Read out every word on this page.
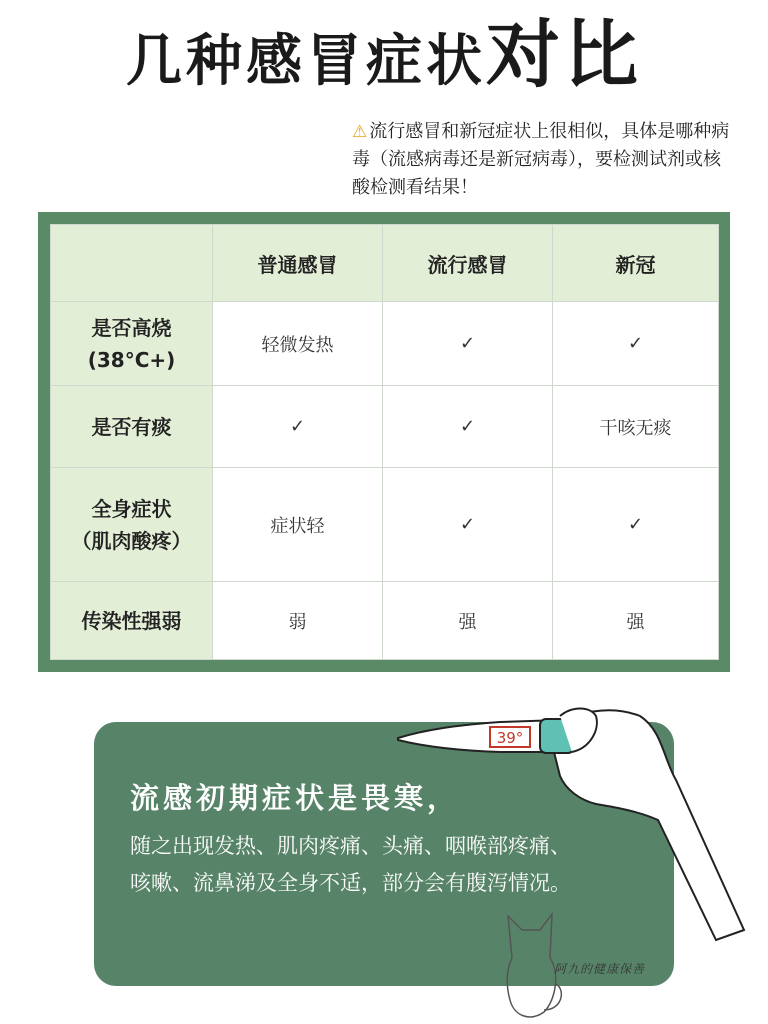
几种感冒症状对比
⚠ 流行感冒和新冠症状上很相似，具体是哪种病毒（流感病毒还是新冠病毒），要检测试剂或核酸检测看结果！
	普通感冒	流行感冒	新冠

是否高烧
(38°C+)	轻微发热	✓	✓

是否有痰	✓	✓	干咳无痰

全身症状
（肌肉酸疼）	症状轻	✓	✓

传染性强弱	弱	强	强
39°
流感初期症状是畏寒，
随之出现发热、肌肉疼痛、头痛、咽喉部疼痛、咳嗽、流鼻涕及全身不适，部分会有腹泻情况。
阿九的健康保善
